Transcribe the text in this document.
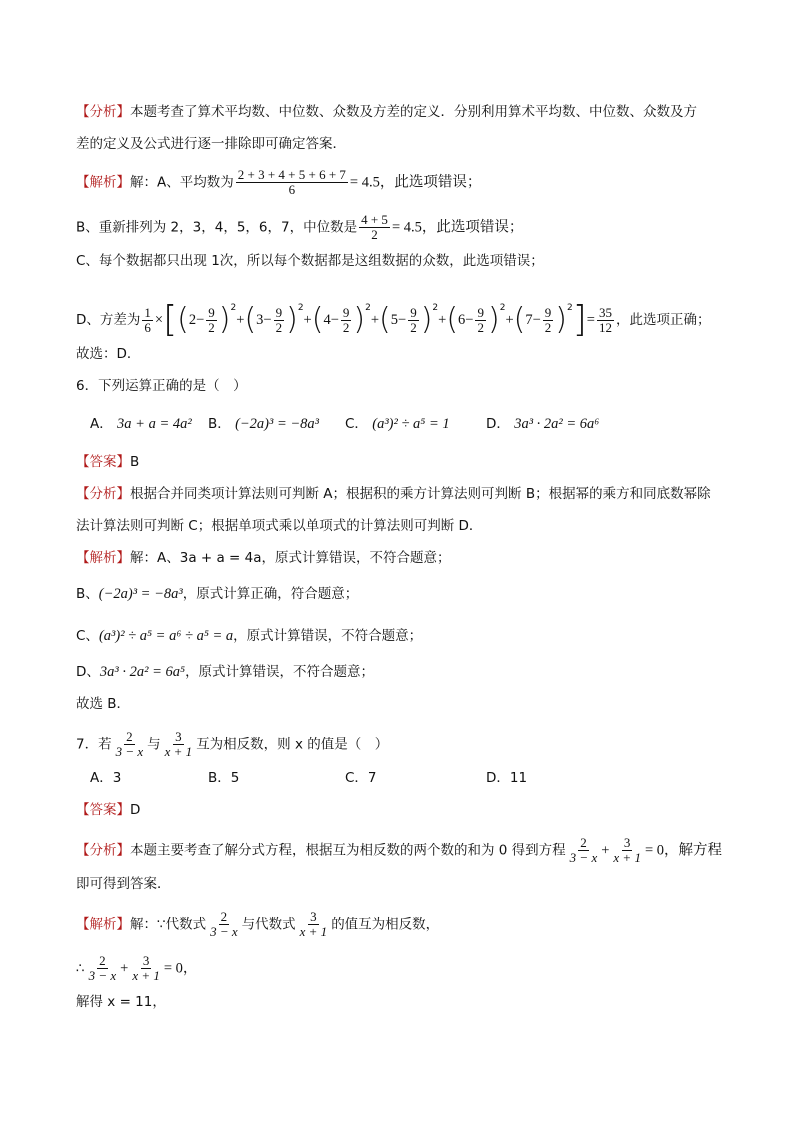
【分析】本题考查了算术平均数、中位数、众数及方差的定义．分别利用算术平均数、中位数、众数及方
差的定义及公式进行逐一排除即可确定答案．
【解析】解：A、平均数为 $\frac{2 + 3 + 4 + 5 + 6 + 7}{6} = 4.5$，此选项错误；
B、重新排列为 2，3，4，5，6，7，中位数是 $\frac{4 + 5}{2} = 4.5$，此选项错误；
C、每个数据都只出现 1次，所以每个数据都是这组数据的众数，此选项错误；
D、方差为 $\frac{1}{6} \times[(2- \frac{9}{2} )^2+(3- \frac{9}{2} )^2+(4- \frac{9}{2} )^2+(5- \frac{9}{2} )^2+(6- \frac{9}{2} )^2+(7- \frac{9}{2} )^2]= \frac{35}{12}$ ，此选项正确；
故选：D．
6．下列运算正确的是（　）
A． 3a + a = 4a² B． (−2a)³ = −8a³ C． (a³)² ÷ a⁵ = 1	D． 3a³ · 2a² = 6a⁶
【答案】B
【分析】根据合并同类项计算法则可判断 A；根据积的乘方计算法则可判断 B；根据幂的乘方和同底数幂除
法计算法则可判断 C；根据单项式乘以单项式的计算法则可判断 D．
【解析】解：A、3a + a = 4a，原式计算错误，不符合题意；
B、(−2a)³ = −8a³，原式计算正确，符合题意；
C、(a³)² ÷ a⁵ = a⁶ ÷ a⁵ = a，原式计算错误，不符合题意；
D、3a³ · 2a² = 6a⁵，原式计算错误，不符合题意；
故选 B．
7．若 $\frac{2}{3 - x}$ 与 $\frac{3}{x + 1}$ 互为相反数，则 x 的值是（　）
A．3	B．5	C．7	D．11
【答案】D
【分析】本题主要考查了解分式方程，根据互为相反数的两个数的和为 0 得到方程 $\frac{2}{3 - x} + \frac{3}{x + 1} = 0$，解方程
即可得到答案．
【解析】解：∵代数式 $\frac{2}{3 - x}$ 与代数式 $\frac{3}{x + 1}$ 的值互为相反数，
∴ $\frac{2}{3 - x} + \frac{3}{x + 1} = 0$，
解得 x = 11，
